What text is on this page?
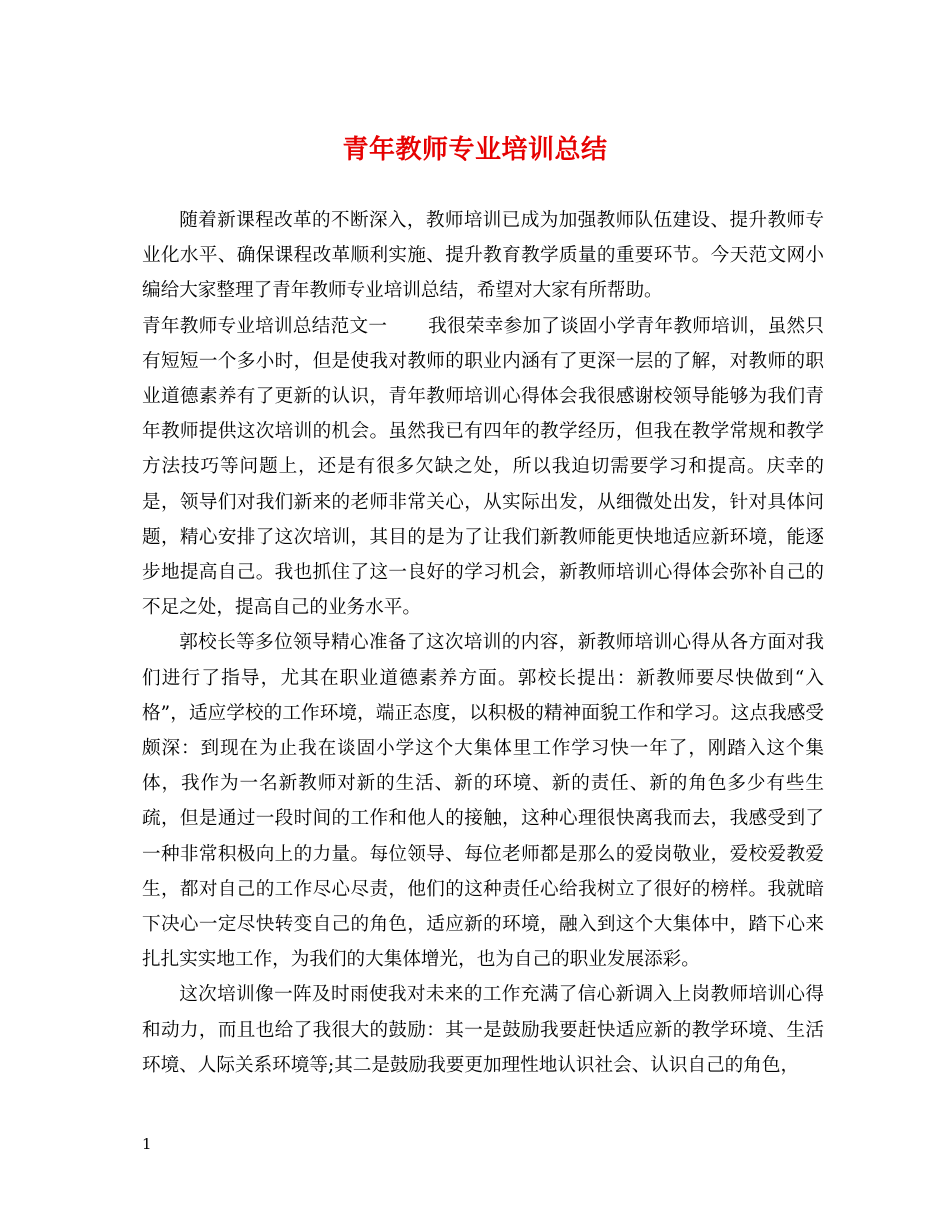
青年教师专业培训总结

随着新课程改革的不断深入，教师培训已成为加强教师队伍建设、提升教师专业化水平、确保课程改革顺利实施、提升教育教学质量的重要环节。今天范文网小编给大家整理了青年教师专业培训总结，希望对大家有所帮助。

青年教师专业培训总结范文一 我很荣幸参加了谈固小学青年教师培训，虽然只有短短一个多小时，但是使我对教师的职业内涵有了更深一层的了解，对教师的职业道德素养有了更新的认识，青年教师培训心得体会我很感谢校领导能够为我们青年教师提供这次培训的机会。虽然我已有四年的教学经历，但我在教学常规和教学方法技巧等问题上，还是有很多欠缺之处，所以我迫切需要学习和提高。庆幸的是，领导们对我们新来的老师非常关心，从实际出发，从细微处出发，针对具体问题，精心安排了这次培训，其目的是为了让我们新教师能更快地适应新环境，能逐步地提高自己。我也抓住了这一良好的学习机会，新教师培训心得体会弥补自己的不足之处，提高自己的业务水平。

郭校长等多位领导精心准备了这次培训的内容，新教师培训心得从各方面对我们进行了指导，尤其在职业道德素养方面。郭校长提出：新教师要尽快做到“入格”，适应学校的工作环境，端正态度，以积极的精神面貌工作和学习。这点我感受颇深：到现在为止我在谈固小学这个大集体里工作学习快一年了，刚踏入这个集体，我作为一名新教师对新的生活、新的环境、新的责任、新的角色多少有些生疏，但是通过一段时间的工作和他人的接触，这种心理很快离我而去，我感受到了一种非常积极向上的力量。每位领导、每位老师都是那么的爱岗敬业，爱校爱教爱生，都对自己的工作尽心尽责，他们的这种责任心给我树立了很好的榜样。我就暗下决心一定尽快转变自己的角色，适应新的环境，融入到这个大集体中，踏下心来扎扎实实地工作，为我们的大集体增光，也为自己的职业发展添彩。

这次培训像一阵及时雨使我对未来的工作充满了信心新调入上岗教师培训心得和动力，而且也给了我很大的鼓励：其一是鼓励我要赶快适应新的教学环境、生活环境、人际关系环境等;其二是鼓励我要更加理性地认识社会、认识自己的角色，

1
